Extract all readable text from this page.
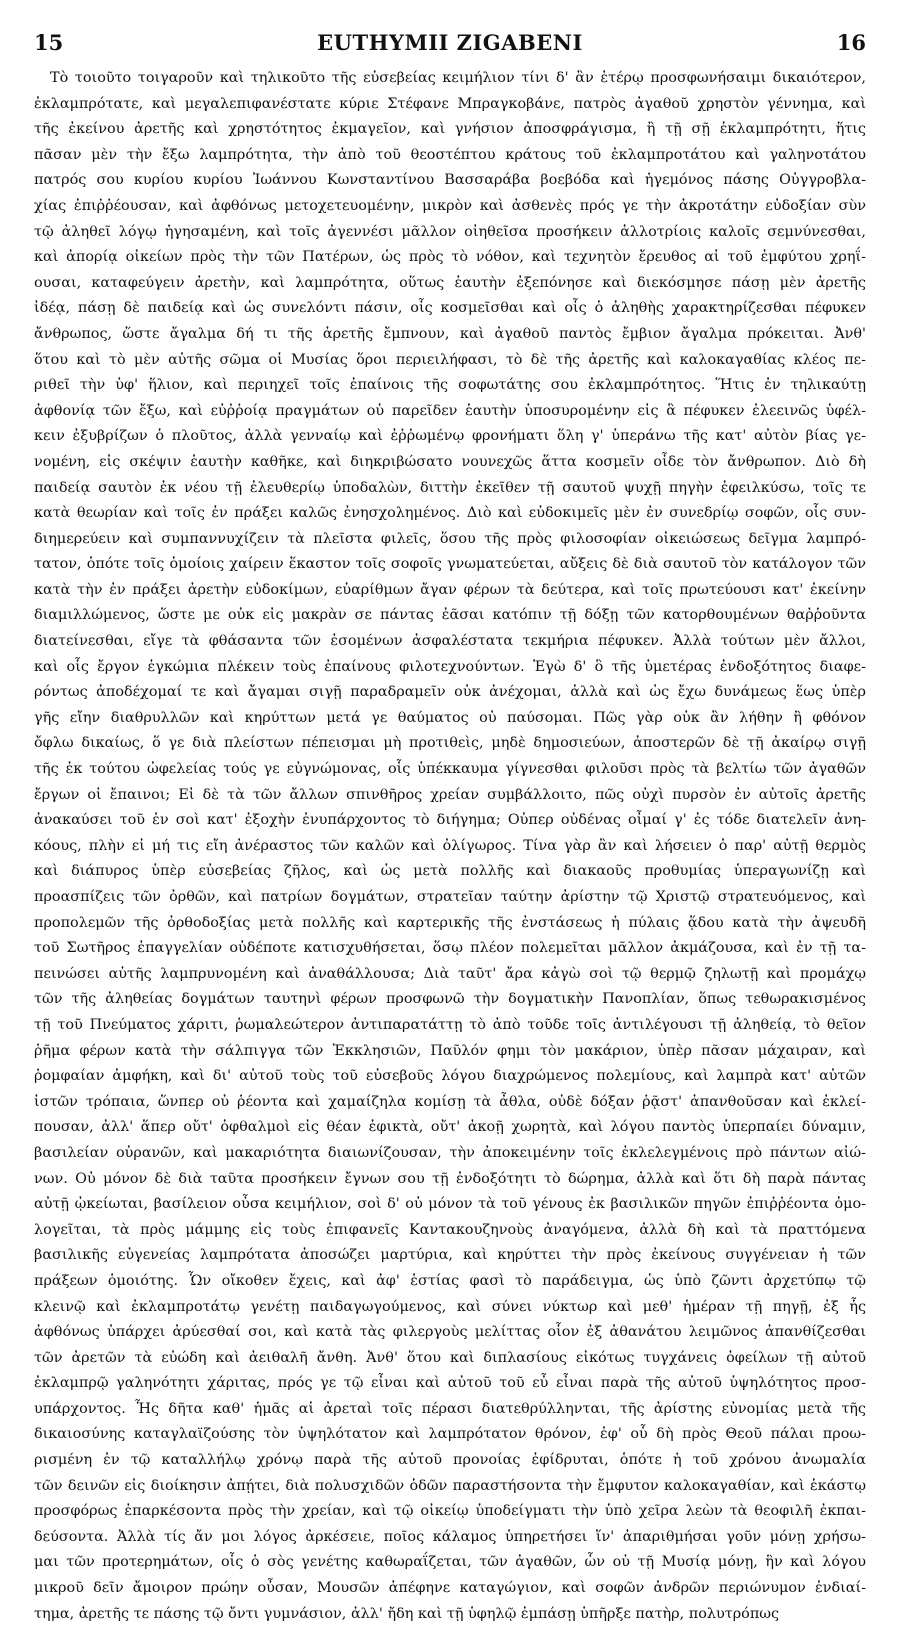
15	EUTHYMII ZIGABENI	16
Τὸ τοιοῦτο τοιγαροῦν καὶ τηλικοῦτο τῆς εὐσεβείας κειμήλιον τίνι δ' ἂν ἑτέρῳ προσφωνήσαιμι δικαιότερον,
ἐκλαμπρότατε, καὶ μεγαλεπιφανέστατε κύριε Στέφανε Μπραγκοβάνε, πατρὸς ἀγαθοῦ χρηστὸν γέννημα, καὶ
τῆς ἐκείνου ἀρετῆς καὶ χρηστότητος ἐκμαγεῖον, καὶ γνήσιον ἀποσφράγισμα, ἢ τῇ σῇ ἐκλαμπρότητι, ἥτις
πᾶσαν μὲν τὴν ἔξω λαμπρότητα, τὴν ἀπὸ τοῦ θεοστέπτου κράτους τοῦ ἐκλαμπροτάτου καὶ γαληνοτάτου
πατρός σου κυρίου κυρίου Ἰωάννου Κωνσταντίνου Βασσαράβα βοεβόδα καὶ ἡγεμόνος πάσης Οὐγγροβλα-
χίας ἐπιῤῥέουσαν, καὶ ἀφθόνως μετοχετευομένην, μικρὸν καὶ ἀσθενὲς πρός γε τὴν ἀκροτάτην εὐδοξίαν σὺν
τῷ ἀληθεῖ λόγῳ ἡγησαμένη, καὶ τοῖς ἀγεννέσι μᾶλλον οἰηθεῖσα προσήκειν ἀλλοτρίοις καλοῖς σεμνύνεσθαι,
καὶ ἀπορίᾳ οἰκείων πρὸς τὴν τῶν Πατέρων, ὡς πρὸς τὸ νόθον, καὶ τεχνητὸν ἔρευθος αἱ τοῦ ἐμφύτου χρηΐ-
ουσαι, καταφεύγειν ἀρετὴν, καὶ λαμπρότητα, οὕτως ἑαυτὴν ἐξεπόνησε καὶ διεκόσμησε πάσῃ μὲν ἀρετῆς
ἰδέᾳ, πάσῃ δὲ παιδείᾳ καὶ ὡς συνελόντι πάσιν, οἷς κοσμεῖσθαι καὶ οἷς ὁ ἀληθὴς χαρακτηρίζεσθαι πέφυκεν
ἄνθρωπος, ὥστε ἄγαλμα δή τι τῆς ἀρετῆς ἔμπνουν, καὶ ἀγαθοῦ παντὸς ἔμβιον ἄγαλμα πρόκειται. Ἀνθ'
ὅτου καὶ τὸ μὲν αὐτῆς σῶμα οἱ Μυσίας ὅροι περιειλήφασι, τὸ δὲ τῆς ἀρετῆς καὶ καλοκαγαθίας κλέος πε-
ριθεῖ τὴν ὑφ' ἥλιον, καὶ περιηχεῖ τοῖς ἐπαίνοις τῆς σοφωτάτης σου ἐκλαμπρότητος. Ἥτις ἐν τηλικαύτῃ
ἀφθονίᾳ τῶν ἔξω, καὶ εὐῤῥοίᾳ πραγμάτων οὐ παρεῖδεν ἑαυτὴν ὑποσυρομένην εἰς ἃ πέφυκεν ἐλεεινῶς ὑφέλ-
κειν ἐξυβρίζων ὁ πλοῦτος, ἀλλὰ γενναίῳ καὶ ἐῤῥωμένῳ φρονήματι ὅλη γ' ὑπεράνω τῆς κατ' αὐτὸν βίας γε-
νομένη, εἰς σκέψιν ἑαυτὴν καθῆκε, καὶ διηκριβώσατο νουνεχῶς ἅττα κοσμεῖν οἶδε τὸν ἄνθρωπον. Διὸ δὴ
παιδείᾳ σαυτὸν ἐκ νέου τῇ ἐλευθερίῳ ὑποδαλὼν, διττὴν ἐκεῖθεν τῇ σαυτοῦ ψυχῇ πηγὴν ἐφειλκύσω, τοῖς τε
κατὰ θεωρίαν καὶ τοῖς ἐν πράξει καλῶς ἐνησχολημένος. Διὸ καὶ εὐδοκιμεῖς μὲν ἐν συνεδρίῳ σοφῶν, οἷς συν-
διημερεύειν καὶ συμπαννυχίζειν τὰ πλεῖστα φιλεῖς, ὅσου τῆς πρὸς φιλοσοφίαν οἰκειώσεως δεῖγμα λαμπρό-
τατον, ὁπότε τοῖς ὁμοίοις χαίρειν ἕκαστον τοῖς σοφοῖς γνωματεύεται, αὔξεις δὲ διὰ σαυτοῦ τὸν κατάλογον τῶν
κατὰ τὴν ἐν πράξει ἀρετὴν εὐδοκίμων, εὐαρίθμων ἄγαν φέρων τὰ δεύτερα, καὶ τοῖς πρωτεύουσι κατ' ἐκείνην
διαμιλλώμενος, ὥστε με οὐκ εἰς μακρὰν σε πάντας ἐᾶσαι κατόπιν τῇ δόξῃ τῶν κατορθουμένων θαῤῥοῦντα
διατείνεσθαι, εἴγε τὰ φθάσαντα τῶν ἐσομένων ἀσφαλέστατα τεκμήρια πέφυκεν. Ἀλλὰ τούτων μὲν ἄλλοι,
καὶ οἷς ἔργον ἐγκώμια πλέκειν τοὺς ἐπαίνους φιλοτεχνούντων. Ἐγὼ δ' ὃ τῆς ὑμετέρας ἐνδοξότητος διαφε-
ρόντως ἀποδέχομαί τε καὶ ἄγαμαι σιγῇ παραδραμεῖν οὐκ ἀνέχομαι, ἀλλὰ καὶ ὡς ἔχω δυνάμεως ἕως ὑπὲρ
γῆς εἴην διαθρυλλῶν καὶ κηρύττων μετά γε θαύματος οὐ παύσομαι. Πῶς γὰρ οὐκ ἂν λήθην ἢ φθόνον
ὄφλω δικαίως, ὅ γε διὰ πλείστων πέπεισμαι μὴ προτιθεὶς, μηδὲ δημοσιεύων, ἀποστερῶν δὲ τῇ ἀκαίρῳ σιγῇ
τῆς ἐκ τούτου ὠφελείας τούς γε εὐγνώμονας, οἷς ὑπέκκαυμα γίγνεσθαι φιλοῦσι πρὸς τὰ βελτίω τῶν ἀγαθῶν
ἔργων οἱ ἔπαινοι; Εἰ δὲ τὰ τῶν ἄλλων σπινθῆρος χρείαν συμβάλλοιτο, πῶς οὐχὶ πυρσὸν ἐν αὐτοῖς ἀρετῆς
ἀνακαύσει τοῦ ἐν σοὶ κατ' ἐξοχὴν ἐνυπάρχοντος τὸ διήγημα; Οὐπερ οὐδένας οἶμαί γ' ἐς τόδε διατελεῖν ἀνη-
κόους, πλὴν εἰ μή τις εἴη ἀνέραστος τῶν καλῶν καὶ ὀλίγωρος. Τίνα γὰρ ἂν καὶ λήσειεν ὁ παρ' αὐτῇ θερμὸς
καὶ διάπυρος ὑπὲρ εὐσεβείας ζῆλος, καὶ ὡς μετὰ πολλῆς καὶ διακαοῦς προθυμίας ὑπεραγωνίζῃ καὶ
προασπίζεις τῶν ὀρθῶν, καὶ πατρίων δογμάτων, στρατεῖαν ταύτην ἀρίστην τῷ Χριστῷ στρατευόμενος, καὶ
προπολεμῶν τῆς ὀρθοδοξίας μετὰ πολλῆς καὶ καρτερικῆς τῆς ἐνστάσεως ἡ πύλαις ᾅδου κατὰ τὴν ἀψευδῆ
τοῦ Σωτῆρος ἐπαγγελίαν οὐδέποτε κατισχυθήσεται, ὅσῳ πλέον πολεμεῖται μᾶλλον ἀκμάζουσα, καὶ ἐν τῇ τα-
πεινώσει αὐτῆς λαμπρυνομένη καὶ ἀναθάλλουσα; Διὰ ταῦτ' ἄρα κἀγὼ σοὶ τῷ θερμῷ ζηλωτῇ καὶ προμάχῳ
τῶν τῆς ἀληθείας δογμάτων ταυτηνὶ φέρων προσφωνῶ τὴν δογματικὴν Πανοπλίαν, ὅπως τεθωρακισμένος
τῇ τοῦ Πνεύματος χάριτι, ῥωμαλεώτερον ἀντιπαρατάττῃ τὸ ἀπὸ τοῦδε τοῖς ἀντιλέγουσι τῇ ἀληθείᾳ, τὸ θεῖον
ῥῆμα φέρων κατὰ τὴν σάλπιγγα τῶν Ἐκκλησιῶν, Παῦλόν φημι τὸν μακάριον, ὑπὲρ πᾶσαν μάχαιραν, καὶ
ῥομφαίαν ἀμφήκη, καὶ δι' αὐτοῦ τοὺς τοῦ εὐσεβοῦς λόγου διαχρώμενος πολεμίους, καὶ λαμπρὰ κατ' αὐτῶν
ἱστῶν τρόπαια, ὥνπερ οὐ ῥέοντα καὶ χαμαίζηλα κομίσῃ τὰ ἆθλα, οὐδὲ δόξαν ῥᾷστ' ἀπανθοῦσαν καὶ ἐκλεί-
πουσαν, ἀλλ' ἅπερ οὔτ' ὀφθαλμοὶ εἰς θέαν ἐφικτὰ, οὔτ' ἀκοῇ χωρητὰ, καὶ λόγου παντὸς ὑπερπαίει δύναμιν,
βασιλείαν οὐρανῶν, καὶ μακαριότητα διαιωνίζουσαν, τὴν ἀποκειμένην τοῖς ἐκλελεγμένοις πρὸ πάντων αἰώ-
νων. Οὐ μόνον δὲ διὰ ταῦτα προσήκειν ἔγνων σου τῇ ἐνδοξότητι τὸ δώρημα, ἀλλὰ καὶ ὅτι δὴ παρὰ πάντας
αὐτῇ ᾠκείωται, βασίλειον οὖσα κειμήλιον, σοὶ δ' οὐ μόνον τὰ τοῦ γένους ἐκ βασιλικῶν πηγῶν ἐπιῤῥέοντα ὁμο-
λογεῖται, τὰ πρὸς μάμμης εἰς τοὺς ἐπιφανεῖς Καντακουζηνοὺς ἀναγόμενα, ἀλλὰ δὴ καὶ τὰ πραττόμενα
βασιλικῆς εὐγενείας λαμπρότατα ἀποσώζει μαρτύρια, καὶ κηρύττει τὴν πρὸς ἐκείνους συγγένειαν ἡ τῶν
πράξεων ὁμοιότης. Ὧν οἴκοθεν ἔχεις, καὶ ἀφ' ἑστίας φασὶ τὸ παράδειγμα, ὡς ὑπὸ ζῶντι ἀρχετύπῳ τῷ
κλεινῷ καὶ ἐκλαμπροτάτῳ γενέτῃ παιδαγωγούμενος, καὶ σύνει νύκτωρ καὶ μεθ' ἡμέραν τῇ πηγῇ, ἐξ ἧς
ἀφθόνως ὑπάρχει ἀρύεσθαί σοι, καὶ κατὰ τὰς φιλεργοὺς μελίττας οἷον ἐξ ἀθανάτου λειμῶνος ἀπανθίζεσθαι
τῶν ἀρετῶν τὰ εὐώδη καὶ ἀειθαλῆ ἄνθη. Ἀνθ' ὅτου καὶ διπλασίους εἰκότως τυγχάνεις ὀφείλων τῇ αὐτοῦ
ἐκλαμπρῷ γαληνότητι χάριτας, πρός γε τῷ εἶναι καὶ αὐτοῦ τοῦ εὖ εἶναι παρὰ τῆς αὐτοῦ ὑψηλότητος προσ-
υπάρχοντος. Ἧς δῆτα καθ' ἡμᾶς αἱ ἀρεταὶ τοῖς πέρασι διατεθρύλληνται, τῆς ἀρίστης εὐνομίας μετὰ τῆς
δικαιοσύνης καταγλαϊζούσης τὸν ὑψηλότατον καὶ λαμπρότατον θρόνον, ἐφ' οὗ δὴ πρὸς Θεοῦ πάλαι προω-
ρισμένη ἐν τῷ καταλλήλῳ χρόνῳ παρὰ τῆς αὐτοῦ προνοίας ἐφίδρυται, ὁπότε ἡ τοῦ χρόνου ἀνωμαλία
τῶν δεινῶν εἰς διοίκησιν ἀπῄτει, διὰ πολυσχιδῶν ὁδῶν παραστήσοντα τὴν ἔμφυτον καλοκαγαθίαν, καὶ ἑκάστῳ
προσφόρως ἐπαρκέσοντα πρὸς τὴν χρείαν, καὶ τῷ οἰκείῳ ὑποδείγματι τὴν ὑπὸ χεῖρα λεὼν τὰ θεοφιλῆ ἐκπαι-
δεύσοντα. Ἀλλὰ τίς ἄν μοι λόγος ἀρκέσειε, ποῖος κάλαμος ὑπηρετήσει ἵν' ἀπαριθμήσαι γοῦν μόνῃ χρήσω-
μαι τῶν προτερημάτων, οἷς ὁ σὸς γενέτης καθωραΐζεται, τῶν ἀγαθῶν, ὧν οὐ τῇ Μυσίᾳ μόνῃ, ἣν καὶ λόγου
μικροῦ δεῖν ἄμοιρον πρώην οὖσαν, Μουσῶν ἀπέφηνε καταγώγιον, καὶ σοφῶν ἀνδρῶν περιώνυμον ἐνδιαί-
τημα, ἀρετῆς τε πάσης τῷ ὄντι γυμνάσιον, ἀλλ' ἤδη καὶ τῇ ὑφηλῷ ἐμπάσῃ ὑπῆρξε πατὴρ, πολυτρόπως
